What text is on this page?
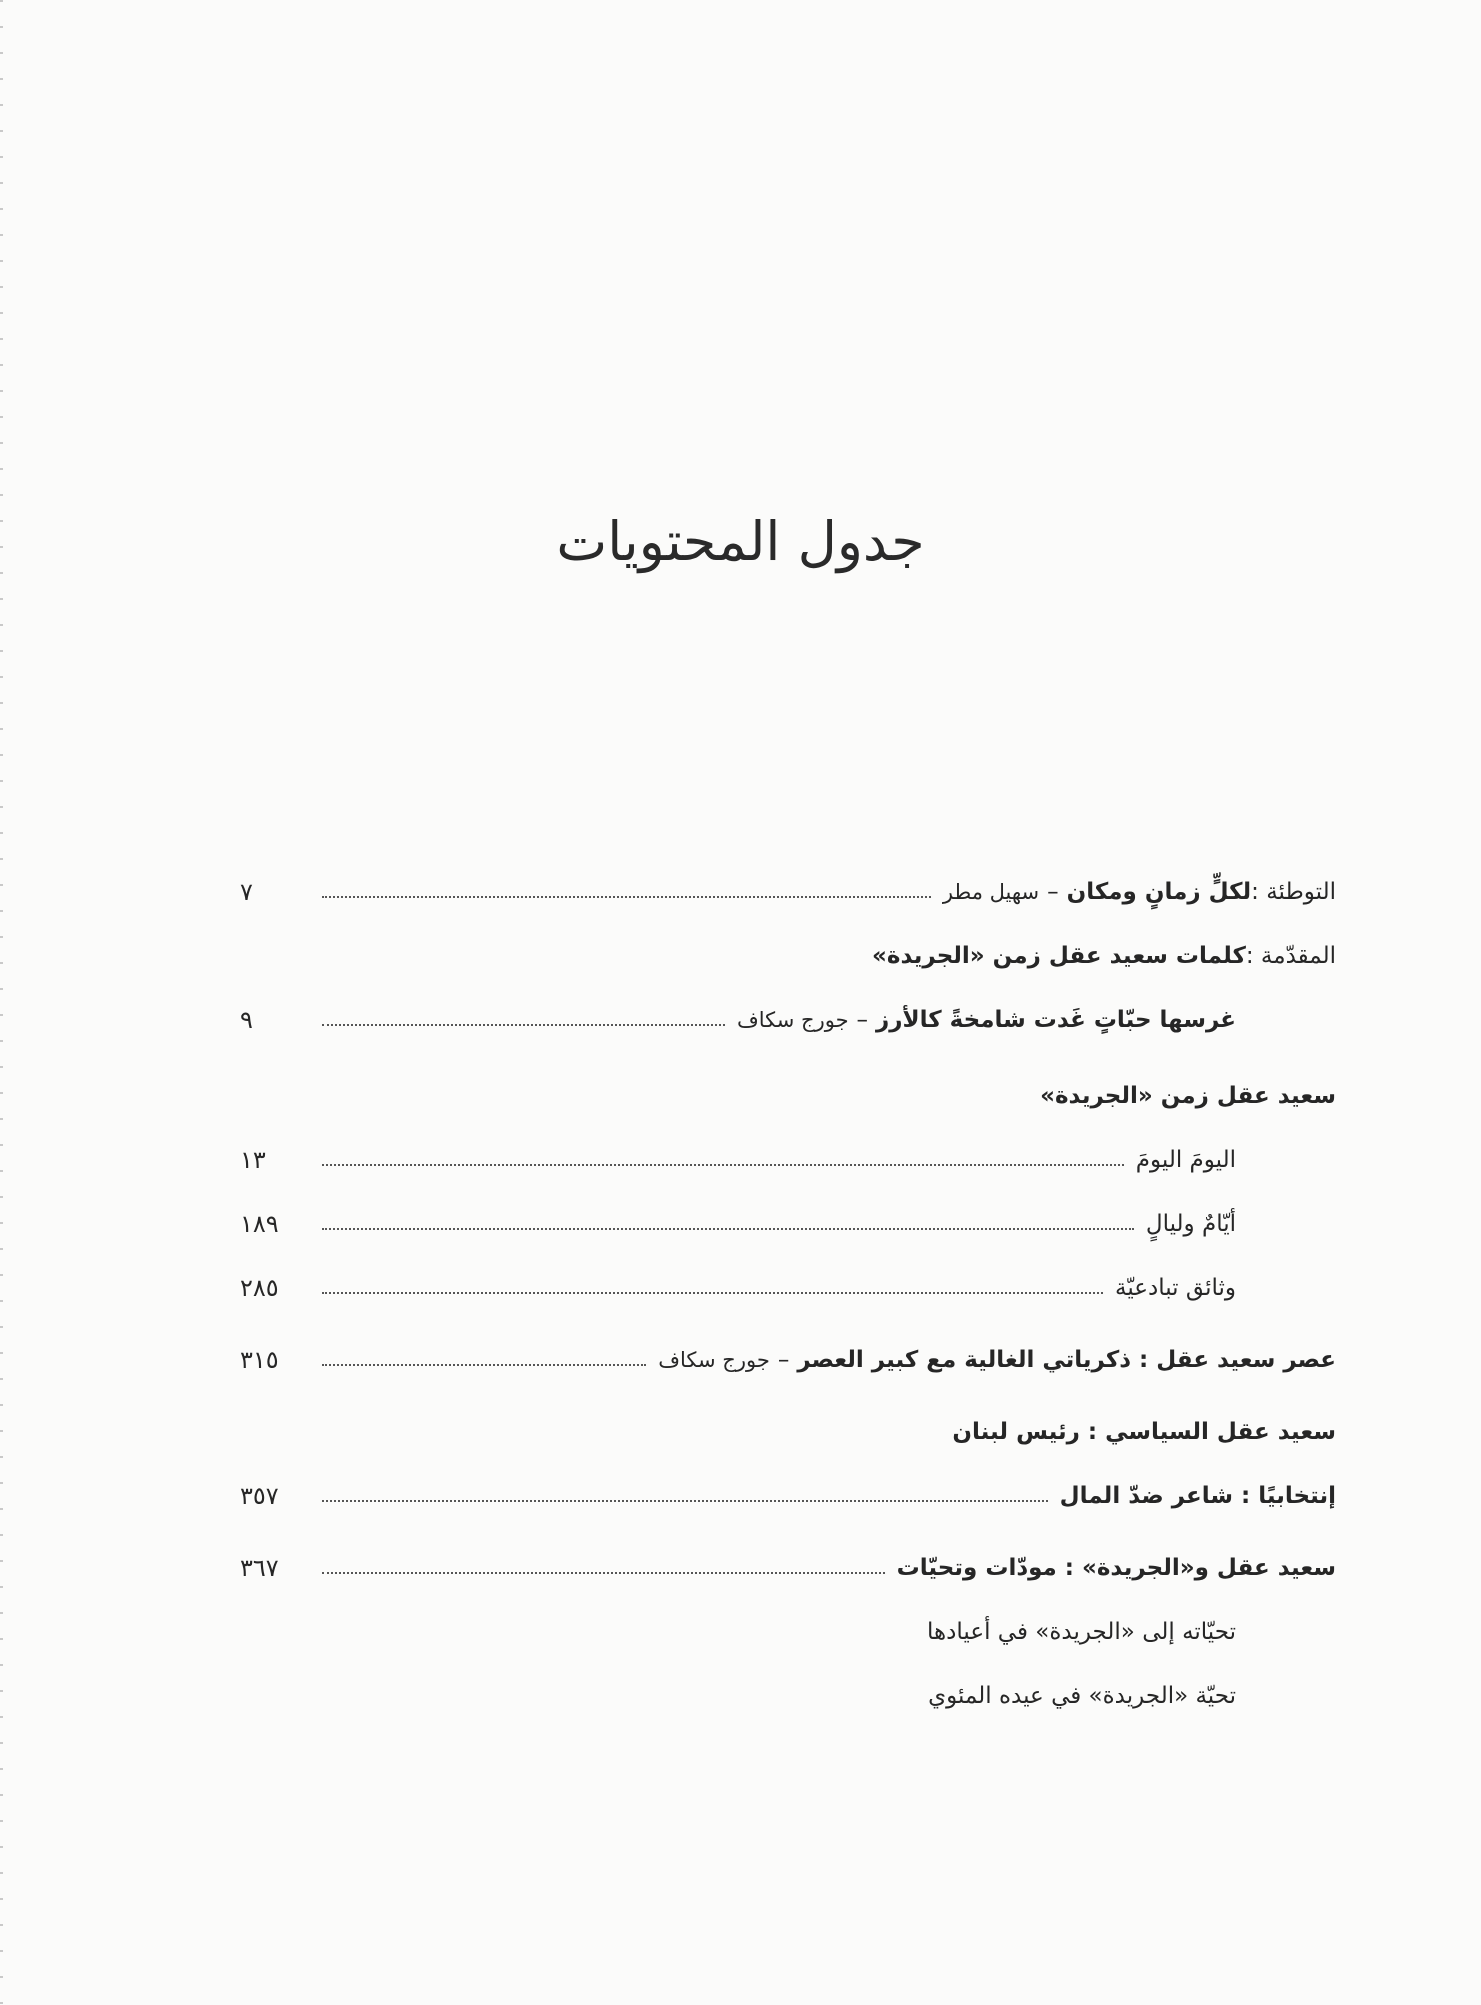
جدول المحتويات
التوطئة :
لكلٍّ زمانٍ ومكان
–
سهيل مطر
٧
المقدّمة :
كلمات سعيد عقل زمن «الجريدة»
غرسها حبّاتٍ غَدت شامخةً كالأرز
–
جورج سكاف
٩
سعيد عقل زمن «الجريدة»
اليومَ اليومَ
١٣
أيّامٌ وليالٍ
١٨٩
وثائق تبادعيّة
٢٨٥
عصر سعيد عقل : ذكرياتي الغالية مع كبير العصر
–
جورج سكاف
٣١٥
سعيد عقل السياسي : رئيس لبنان
إنتخابيًا : شاعر ضدّ المال
٣٥٧
سعيد عقل و«الجريدة» : مودّات وتحيّات
٣٦٧
تحيّاته إلى «الجريدة» في أعيادها
تحيّة «الجريدة» في عيده المئوي
